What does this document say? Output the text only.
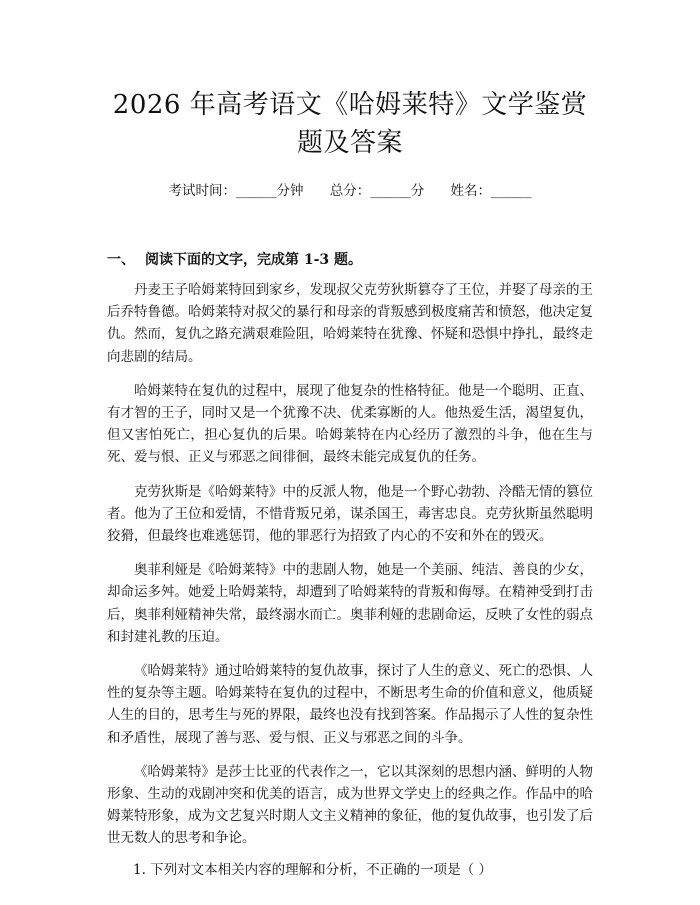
2026 年高考语文《哈姆莱特》文学鉴赏题及答案
考试时间：______分钟 总分：______分 姓名：______
一、 阅读下面的文字，完成第 1-3 题。

丹麦王子哈姆莱特回到家乡，发现叔父克劳狄斯篡夺了王位，并娶了母亲的王后乔特鲁德。哈姆莱特对叔父的暴行和母亲的背叛感到极度痛苦和愤怒，他决定复仇。然而，复仇之路充满艰难险阻，哈姆莱特在犹豫、怀疑和恐惧中挣扎，最终走向悲剧的结局。

哈姆莱特在复仇的过程中，展现了他复杂的性格特征。他是一个聪明、正直、有才智的王子，同时又是一个犹豫不决、优柔寡断的人。他热爱生活，渴望复仇，但又害怕死亡，担心复仇的后果。哈姆莱特在内心经历了激烈的斗争，他在生与死、爱与恨、正义与邪恶之间徘徊，最终未能完成复仇的任务。

克劳狄斯是《哈姆莱特》中的反派人物，他是一个野心勃勃、冷酷无情的篡位者。他为了王位和爱情，不惜背叛兄弟，谋杀国王，毒害忠良。克劳狄斯虽然聪明狡猾，但最终也难逃惩罚，他的罪恶行为招致了内心的不安和外在的毁灭。

奥菲利娅是《哈姆莱特》中的悲剧人物，她是一个美丽、纯洁、善良的少女，却命运多舛。她爱上哈姆莱特，却遭到了哈姆莱特的背叛和侮辱。在精神受到打击后，奥菲利娅精神失常，最终溺水而亡。奥菲利娅的悲剧命运，反映了女性的弱点和封建礼教的压迫。

《哈姆莱特》通过哈姆莱特的复仇故事，探讨了人生的意义、死亡的恐惧、人性的复杂等主题。哈姆莱特在复仇的过程中，不断思考生命的价值和意义，他质疑人生的目的，思考生与死的界限，最终也没有找到答案。作品揭示了人性的复杂性和矛盾性，展现了善与恶、爱与恨、正义与邪恶之间的斗争。

《哈姆莱特》是莎士比亚的代表作之一，它以其深刻的思想内涵、鲜明的人物形象、生动的戏剧冲突和优美的语言，成为世界文学史上的经典之作。作品中的哈姆莱特形象，成为文艺复兴时期人文主义精神的象征，他的复仇故事，也引发了后世无数人的思考和争论。

1. 下列对文本相关内容的理解和分析，不正确的一项是（ ）
